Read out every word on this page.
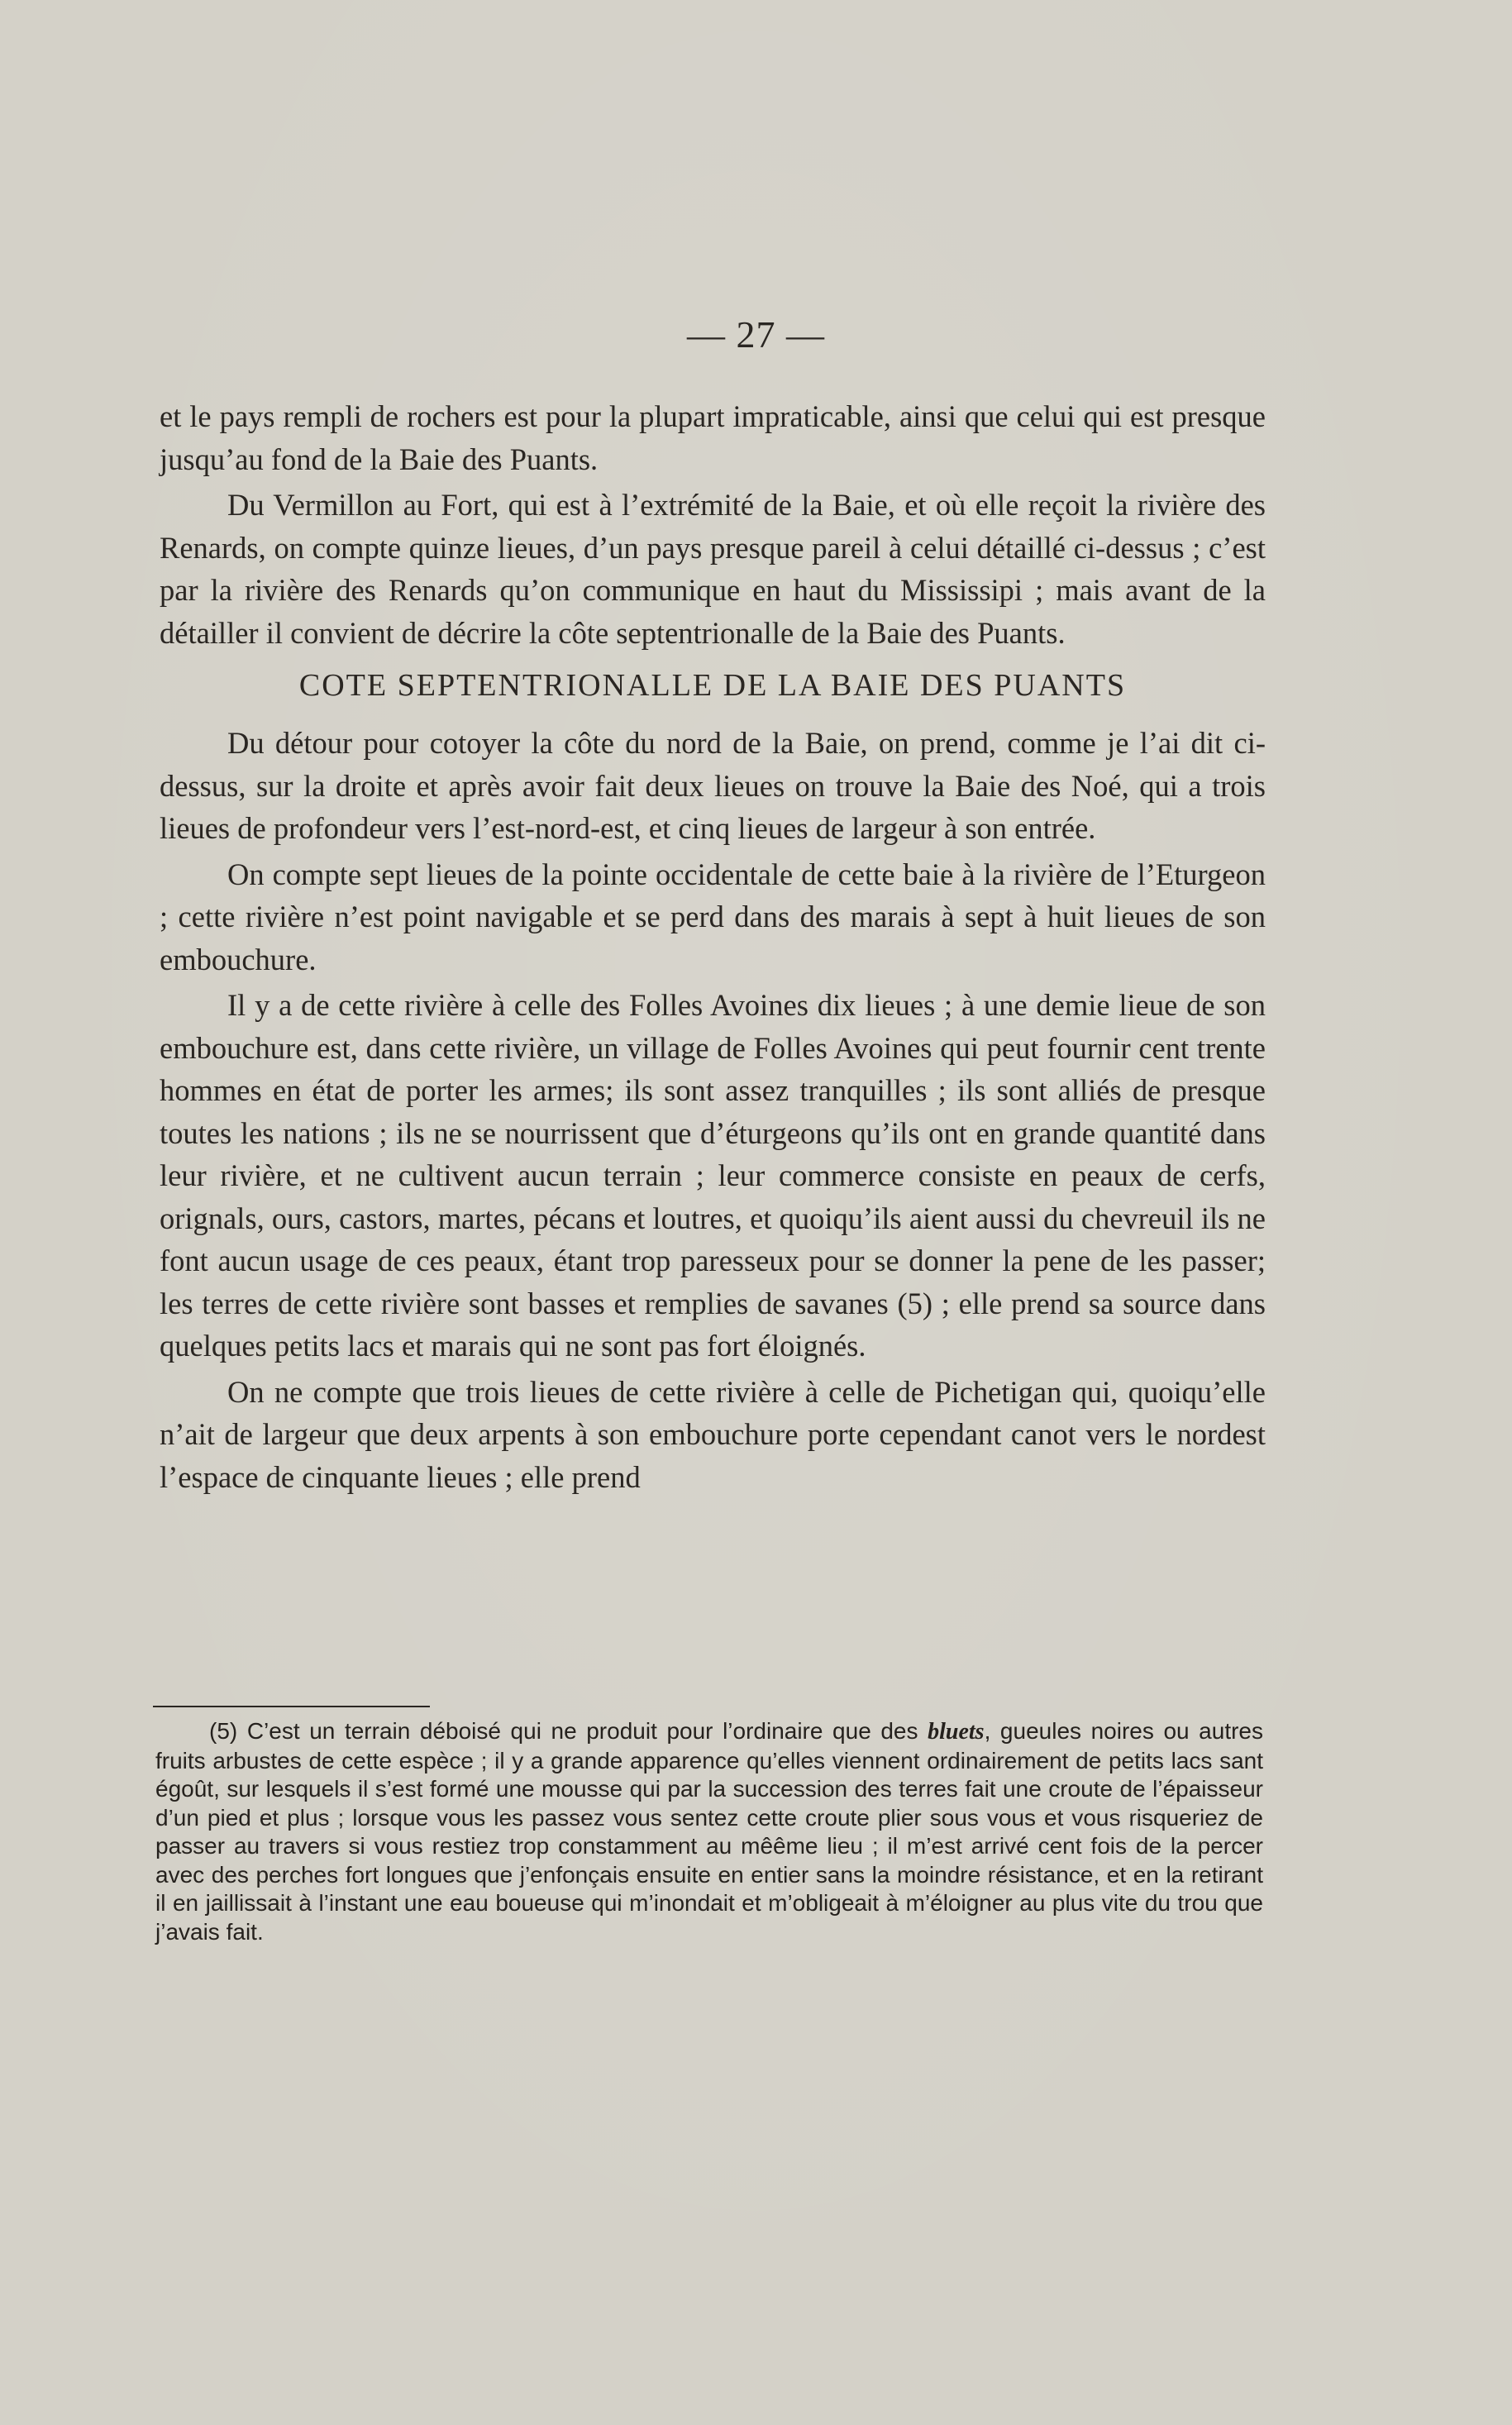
— 27 —

et le pays rempli de rochers est pour la plupart impraticable, ainsi que celui qui est presque jusqu’au fond de la Baie des Puants.

Du Vermillon au Fort, qui est à l’extrémité de la Baie, et où elle reçoit la rivière des Renards, on compte quinze lieues, d’un pays presque pareil à celui détaillé ci-dessus ; c’est par la rivière des Renards qu’on communique en haut du Mississipi ; mais avant de la détailler il convient de décrire la côte septentrionalle de la Baie des Puants.

COTE SEPTENTRIONALLE DE LA BAIE DES PUANTS

Du détour pour cotoyer la côte du nord de la Baie, on prend, comme je l’ai dit ci-dessus, sur la droite et après avoir fait deux lieues on trouve la Baie des Noé, qui a trois lieues de profondeur vers l’est-nord-est, et cinq lieues de largeur à son entrée.

On compte sept lieues de la pointe occidentale de cette baie à la rivière de l’Eturgeon ; cette rivière n’est point navigable et se perd dans des marais à sept à huit lieues de son embouchure.

Il y a de cette rivière à celle des Folles Avoines dix lieues ; à une demie lieue de son embouchure est, dans cette rivière, un village de Folles Avoines qui peut fournir cent trente hommes en état de porter les armes; ils sont assez tranquilles ; ils sont alliés de presque toutes les nations ; ils ne se nourrissent que d’éturgeons qu’ils ont en grande quantité dans leur rivière, et ne cultivent aucun terrain ; leur commerce consiste en peaux de cerfs, orignals, ours, castors, martes, pécans et loutres, et quoiqu’ils aient aussi du chevreuil ils ne font aucun usage de ces peaux, étant trop paresseux pour se donner la pene de les passer; les terres de cette rivière sont basses et remplies de savanes (5) ; elle prend sa source dans quelques petits lacs et marais qui ne sont pas fort éloignés.

On ne compte que trois lieues de cette rivière à celle de Pichetigan qui, quoiqu’elle n’ait de largeur que deux arpents à son embouchure porte cependant canot vers le nordest l’espace de cinquante lieues ; elle prend

(5) C’est un terrain déboisé qui ne produit pour l’ordinaire que des bluets, gueules noires ou autres fruits arbustes de cette espèce ; il y a grande apparence qu’elles viennent ordinairement de petits lacs sant égoût, sur lesquels il s’est formé une mousse qui par la succession des terres fait une croute de l’épaisseur d’un pied et plus ; lorsque vous les passez vous sentez cette croute plier sous vous et vous risqueriez de passer au travers si vous restiez trop constamment au mêême lieu ; il m’est arrivé cent fois de la percer avec des perches fort longues que j’enfonçais ensuite en entier sans la moindre résistance, et en la retirant il en jaillissait à l’instant une eau boueuse qui m’inondait et m’obligeait à m’éloigner au plus vite du trou que j’avais fait.
